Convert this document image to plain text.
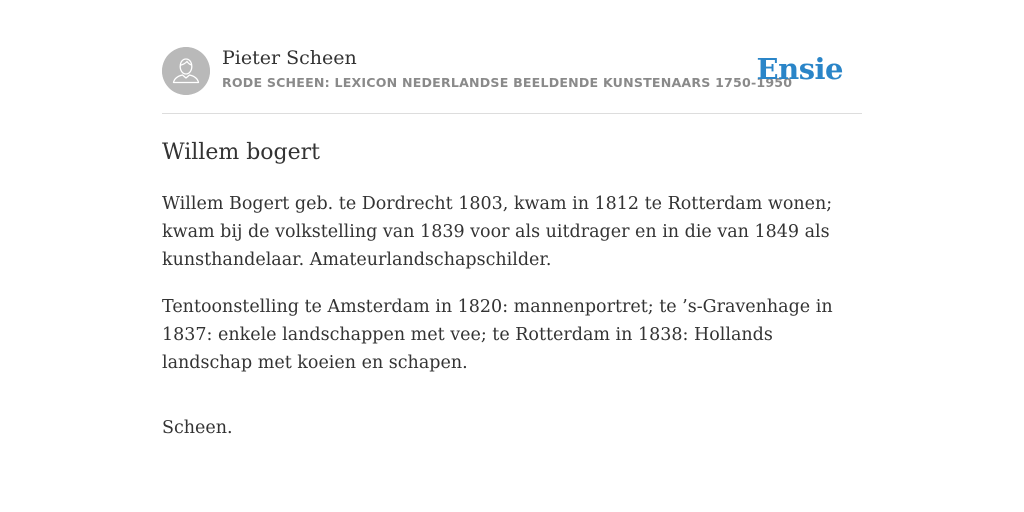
Pieter Scheen
RODE SCHEEN: LEXICON NEDERLANDSE BEELDENDE KUNSTENAARS 1750-1950
Ensie
Willem bogert

Willem Bogert geb. te Dordrecht 1803, kwam in 1812 te Rotterdam wonen; kwam bij de volkstelling van 1839 voor als uitdrager en in die van 1849 als kunsthandelaar. Amateurlandschapschilder.

Tentoonstelling te Amsterdam in 1820: mannenportret; te ’s-Gravenhage in 1837: enkele landschappen met vee; te Rotterdam in 1838: Hollands landschap met koeien en schapen.

Scheen.
